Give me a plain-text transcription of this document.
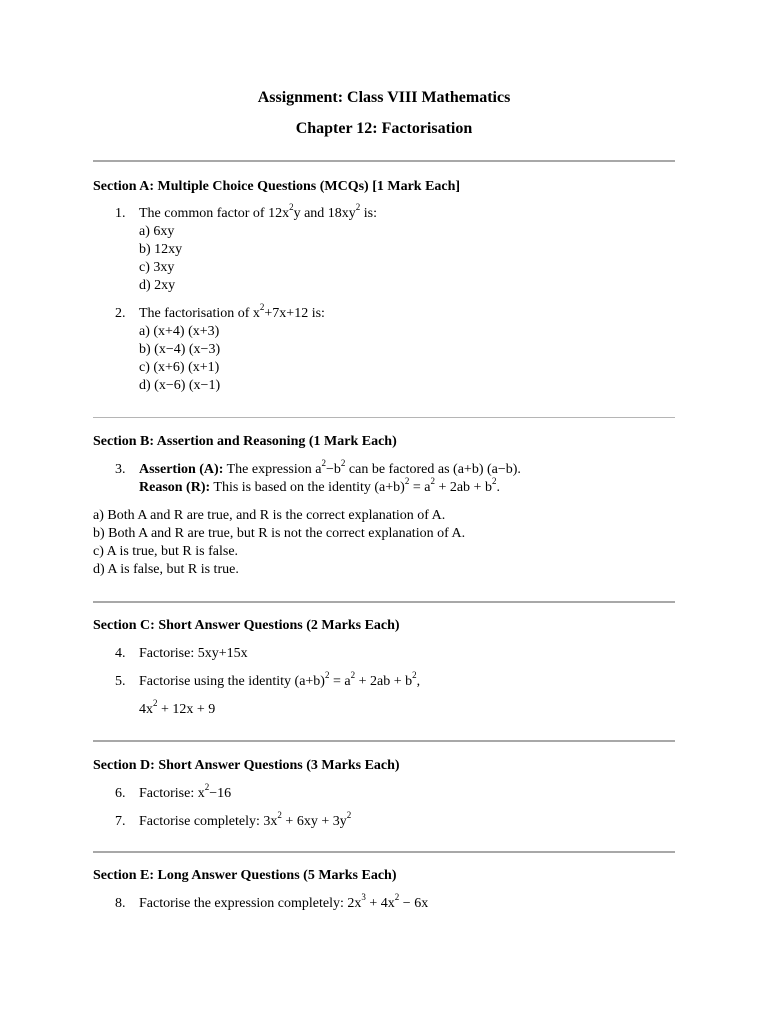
Assignment: Class VIII Mathematics
Chapter 12: Factorisation
Section A: Multiple Choice Questions (MCQs) [1 Mark Each]
1. The common factor of $12x^2y$ and $18xy^2$ is:
a) 6xy
b) 12xy
c) 3xy
d) 2xy
2. The factorisation of $x^2+7x+12$ is:
a) (x+4) (x+3)
b) (x−4) (x−3)
c) (x+6) (x+1)
d) (x−6) (x−1)
Section B: Assertion and Reasoning (1 Mark Each)
3. Assertion (A): The expression $a^2-b^2$ can be factored as (a+b) (a−b).
Reason (R): This is based on the identity $(a+b)^2 = a^2 + 2ab + b^2$.
a) Both A and R are true, and R is the correct explanation of A.
b) Both A and R are true, but R is not the correct explanation of A.
c) A is true, but R is false.
d) A is false, but R is true.
Section C: Short Answer Questions (2 Marks Each)
4. Factorise: 5xy+15x
5. Factorise using the identity $(a+b)^2 = a^2 + 2ab + b^2$,
$4x^2 + 12x + 9$
Section D: Short Answer Questions (3 Marks Each)
6. Factorise: $x^2-16$
7. Factorise completely: $3x^2 + 6xy + 3y^2$
Section E: Long Answer Questions (5 Marks Each)
8. Factorise the expression completely: $2x^3 + 4x^2 - 6x$
